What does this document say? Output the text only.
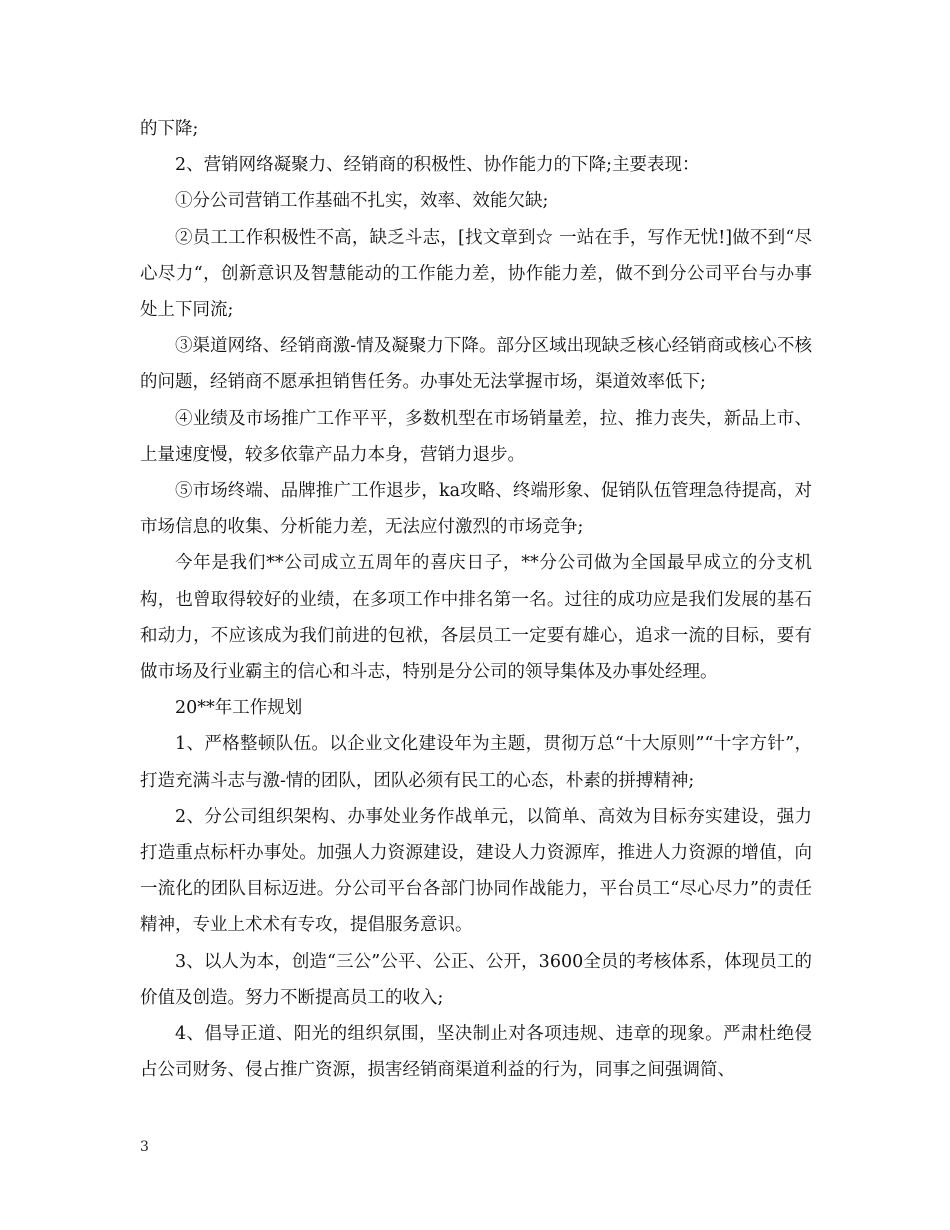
的下降;

2、营销网络凝聚力、经销商的积极性、协作能力的下降;主要表现：

①分公司营销工作基础不扎实，效率、效能欠缺;

②员工工作积极性不高，缺乏斗志，[找文章到☆ 一站在手，写作无忧!]做不到“尽心尽力“，创新意识及智慧能动的工作能力差，协作能力差，做不到分公司平台与办事处上下同流;

③渠道网络、经销商激-情及凝聚力下降。部分区域出现缺乏核心经销商或核心不核的问题，经销商不愿承担销售任务。办事处无法掌握市场，渠道效率低下;

④业绩及市场推广工作平平，多数机型在市场销量差，拉、推力丧失，新品上市、上量速度慢，较多依靠产品力本身，营销力退步。

⑤市场终端、品牌推广工作退步，ka攻略、终端形象、促销队伍管理急待提高，对市场信息的收集、分析能力差，无法应付激烈的市场竞争;

今年是我们**公司成立五周年的喜庆日子，**分公司做为全国最早成立的分支机构，也曾取得较好的业绩，在多项工作中排名第一名。过往的成功应是我们发展的基石和动力，不应该成为我们前进的包袱，各层员工一定要有雄心，追求一流的目标，要有做市场及行业霸主的信心和斗志，特别是分公司的领导集体及办事处经理。

20**年工作规划

1、严格整顿队伍。以企业文化建设年为主题，贯彻万总“十大原则”“十字方针”，打造充满斗志与激-情的团队，团队必须有民工的心态，朴素的拼搏精神;

2、分公司组织架构、办事处业务作战单元，以简单、高效为目标夯实建设，强力打造重点标杆办事处。加强人力资源建设，建设人力资源库，推进人力资源的增值，向一流化的团队目标迈进。分公司平台各部门协同作战能力，平台员工“尽心尽力”的责任精神，专业上术术有专攻，提倡服务意识。

3、以人为本，创造“三公”公平、公正、公开，3600全员的考核体系，体现员工的价值及创造。努力不断提高员工的收入;

4、倡导正道、阳光的组织氛围，坚决制止对各项违规、违章的现象。严肃杜绝侵占公司财务、侵占推广资源，损害经销商渠道利益的行为，同事之间强调简、

3
